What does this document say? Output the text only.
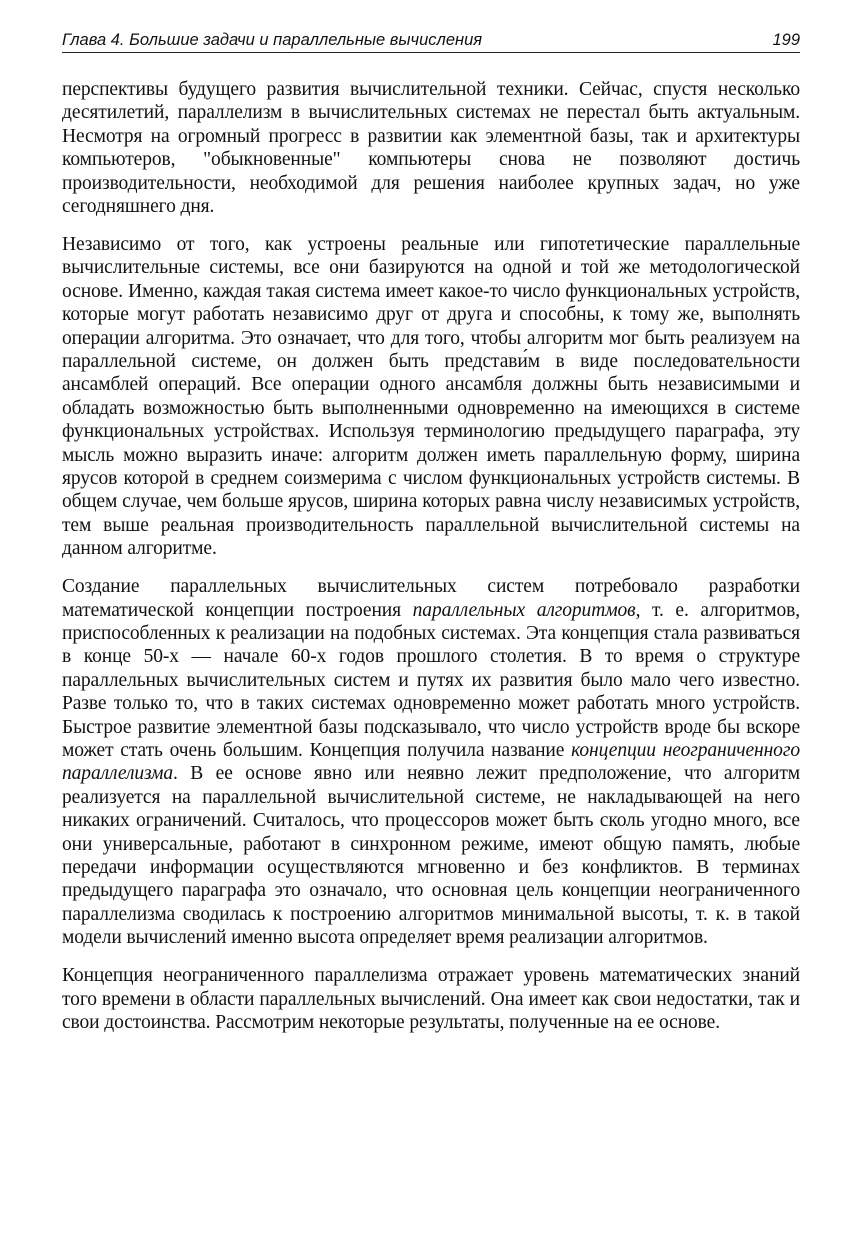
Глава 4. Большие задачи и параллельные вычисления	199

перспективы будущего развития вычислительной техники. Сейчас, спустя несколько десятилетий, параллелизм в вычислительных системах не перестал быть актуальным. Несмотря на огромный прогресс в развитии как элементной базы, так и архитектуры компьютеров, "обыкновенные" компьютеры снова не позволяют достичь производительности, необходимой для решения наиболее крупных задач, но уже сегодняшнего дня.

Независимо от того, как устроены реальные или гипотетические параллельные вычислительные системы, все они базируются на одной и той же методологической основе. Именно, каждая такая система имеет какое-то число функциональных устройств, которые могут работать независимо друг от друга и способны, к тому же, выполнять операции алгоритма. Это означает, что для того, чтобы алгоритм мог быть реализуем на параллельной системе, он должен быть представи́м в виде последовательности ансамблей операций. Все операции одного ансамбля должны быть независимыми и обладать возможностью быть выполненными одновременно на имеющихся в системе функциональных устройствах. Используя терминологию предыдущего параграфа, эту мысль можно выразить иначе: алгоритм должен иметь параллельную форму, ширина ярусов которой в среднем соизмерима с числом функциональных устройств системы. В общем случае, чем больше ярусов, ширина которых равна числу независимых устройств, тем выше реальная производительность параллельной вычислительной системы на данном алгоритме.

Создание параллельных вычислительных систем потребовало разработки математической концепции построения параллельных алгоритмов, т. е. алгоритмов, приспособленных к реализации на подобных системах. Эта концепция стала развиваться в конце 50-х — начале 60-х годов прошлого столетия. В то время о структуре параллельных вычислительных систем и путях их развития было мало чего известно. Разве только то, что в таких системах одновременно может работать много устройств. Быстрое развитие элементной базы подсказывало, что число устройств вроде бы вскоре может стать очень большим. Концепция получила название концепции неограниченного параллелизма. В ее основе явно или неявно лежит предположение, что алгоритм реализуется на параллельной вычислительной системе, не накладывающей на него никаких ограничений. Считалось, что процессоров может быть сколь угодно много, все они универсальные, работают в синхронном режиме, имеют общую память, любые передачи информации осуществляются мгновенно и без конфликтов. В терминах предыдущего параграфа это означало, что основная цель концепции неограниченного параллелизма сводилась к построению алгоритмов минимальной высоты, т. к. в такой модели вычислений именно высота определяет время реализации алгоритмов.

Концепция неограниченного параллелизма отражает уровень математических знаний того времени в области параллельных вычислений. Она имеет как свои недостатки, так и свои достоинства. Рассмотрим некоторые результаты, полученные на ее основе.
